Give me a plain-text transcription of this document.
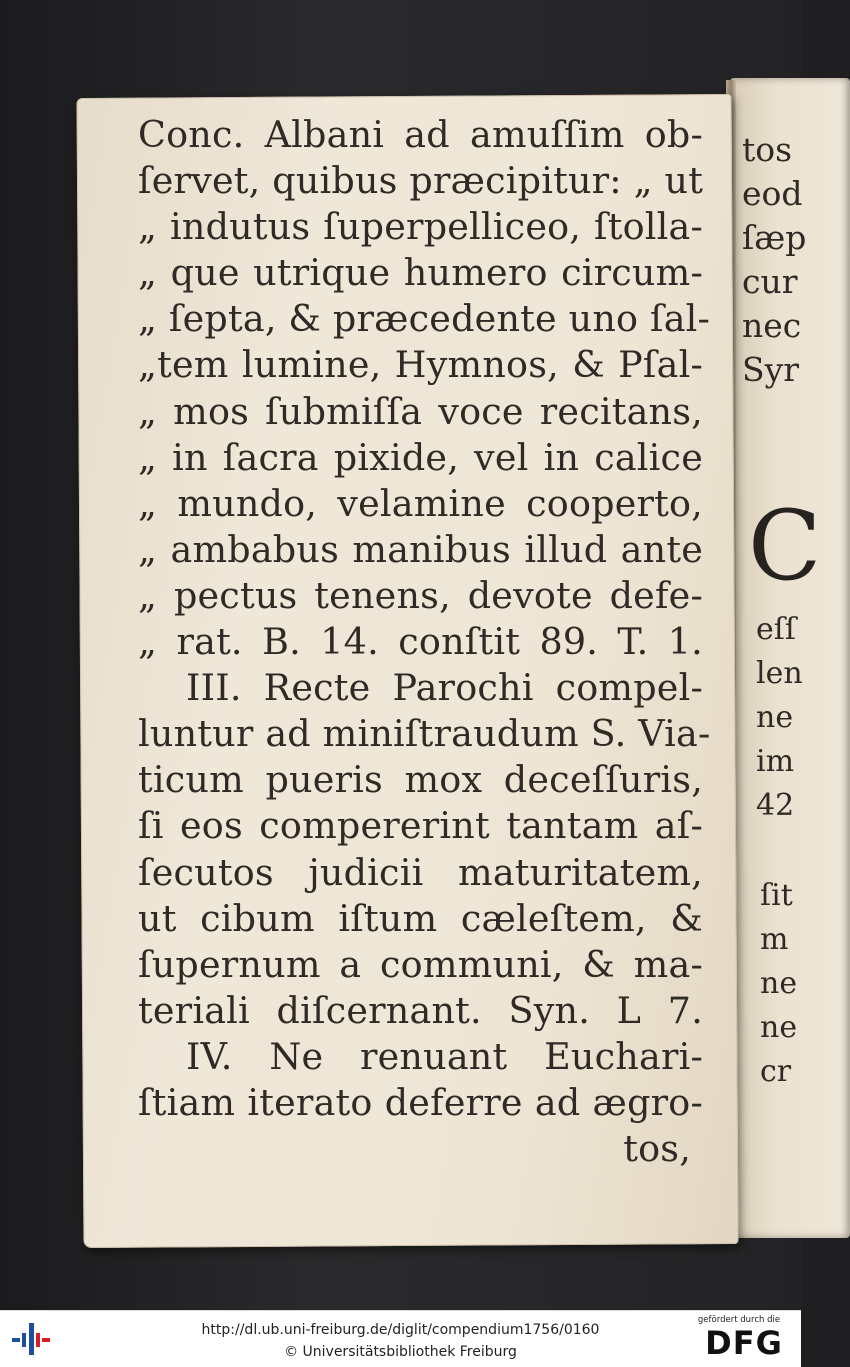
Conc. Albani ad amuſſim ob-
ſervet, quibus præcipitur: „ ut
„ indutus ſuperpelliceo, ſtolla-
„ que utrique humero circum-
„ ſepta, & præcedente uno ſal-
„tem lumine, Hymnos, & Pſal-
„ mos ſubmiſſa voce recitans,
„ in ſacra pixide, vel in calice
„ mundo, velamine cooperto,
„ ambabus manibus illud ante
„ pectus tenens, devote defe-
„ rat. B. 14. conſtit 89. T. 1.
III. Recte Parochi compel-
luntur ad miniſtraudum S. Via-
ticum pueris mox deceſſuris,
ſi eos compererint tantam aſ-
ſecutos judicii maturitatem,
ut cibum iſtum cæleſtem, &
ſupernum a communi, & ma-
teriali diſcernant. Syn. L 7.
IV. Ne renuant Euchari-
ſtiam iterato deferre ad ægro-
tos,
tos
eod
ſæp
cur
nec
Syr
C
eſſ
len
ne
im
42
ſit
m
ne
ne
cr
http://dl.ub.uni-freiburg.de/diglit/compendium1756/0160
© Universitätsbibliothek Freiburg
gefördert durch die
DFG
